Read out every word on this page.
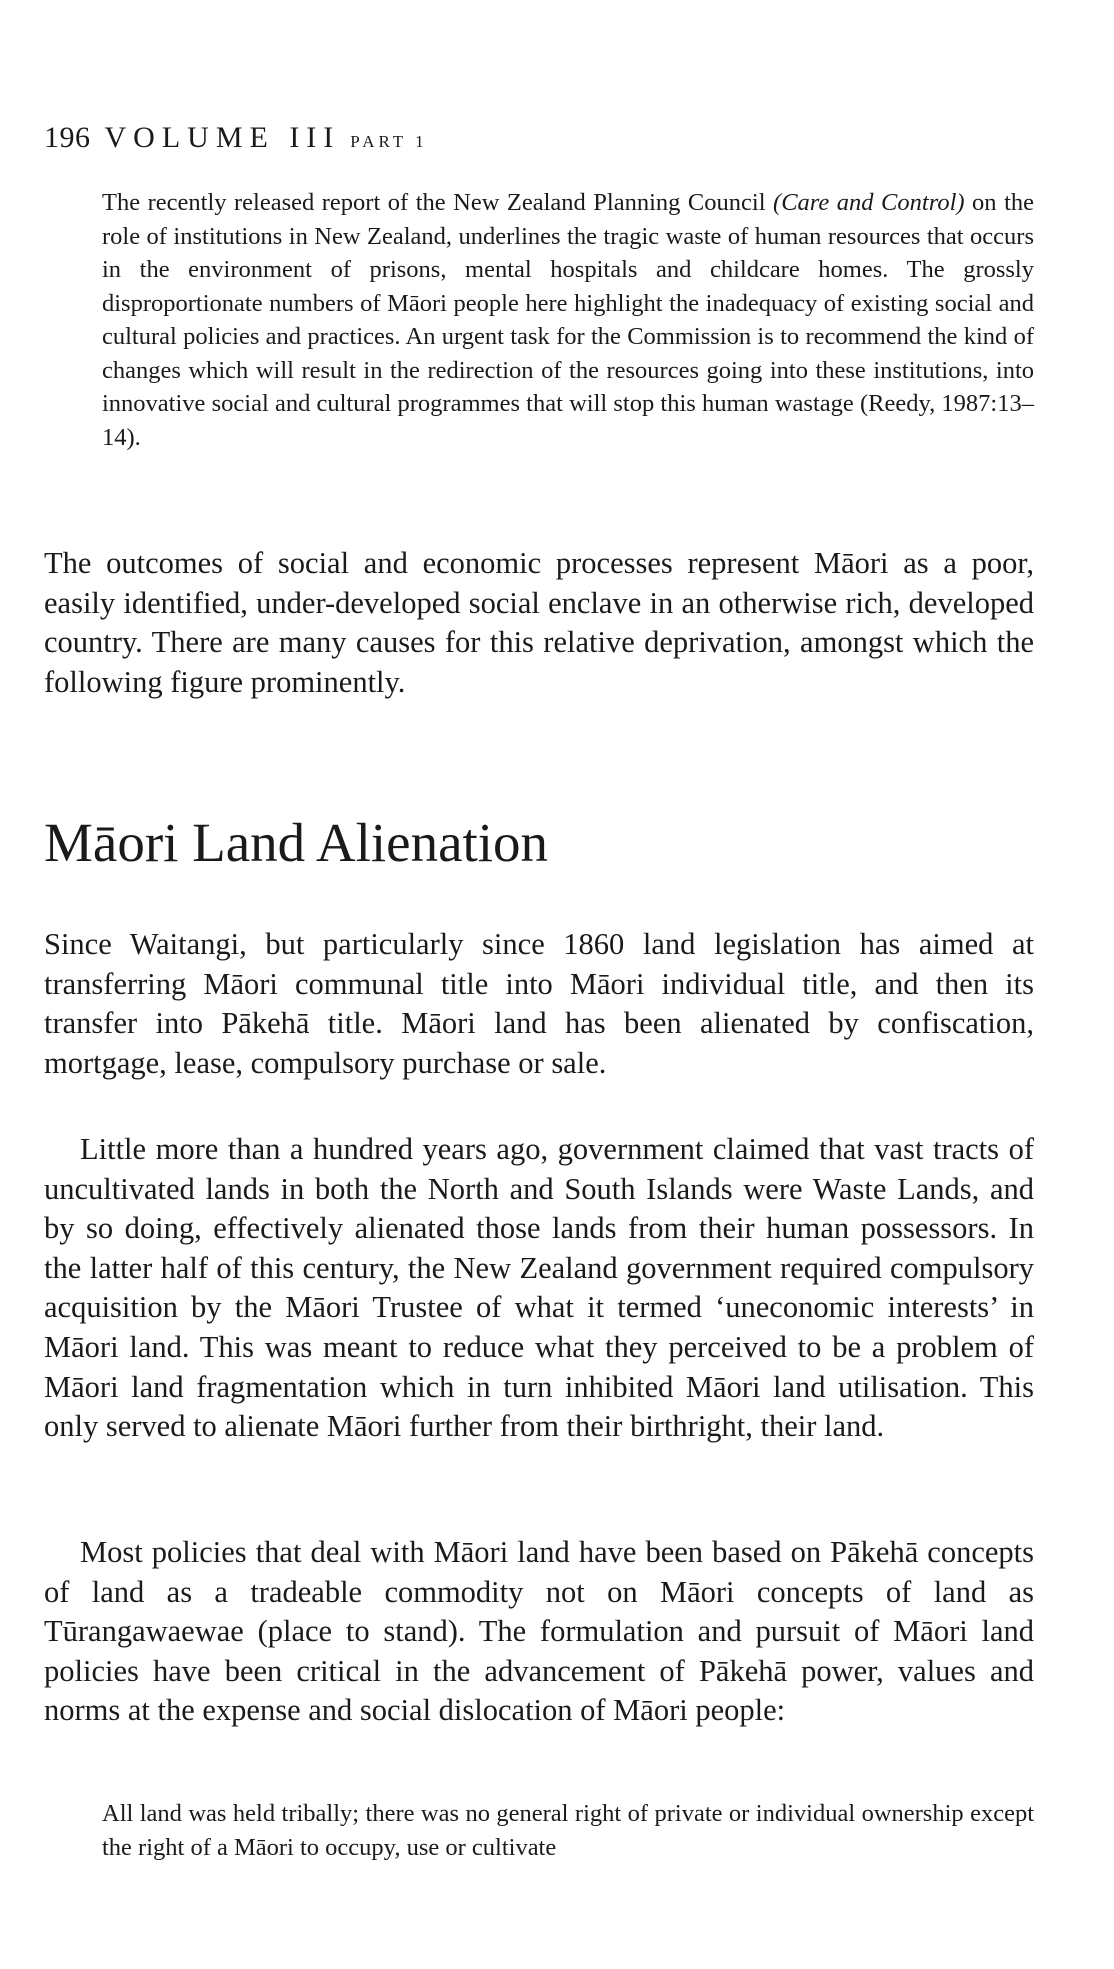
196 VOLUME III PART 1
The recently released report of the New Zealand Planning Council (Care and Control) on the role of institutions in New Zealand, underlines the tragic waste of human resources that occurs in the environment of prisons, mental hospitals and childcare homes. The grossly disproportionate numbers of Māori people here highlight the inadequacy of existing social and cultural policies and practices. An urgent task for the Commission is to recommend the kind of changes which will result in the redirection of the resources going into these institutions, into innovative social and cultural programmes that will stop this human wastage (Reedy, 1987:13–14).

The outcomes of social and economic processes represent Māori as a poor, easily identified, under-developed social enclave in an otherwise rich, developed country. There are many causes for this relative deprivation, amongst which the following figure prominently.

Māori Land Alienation

Since Waitangi, but particularly since 1860 land legislation has aimed at transferring Māori communal title into Māori individual title, and then its transfer into Pākehā title. Māori land has been alienated by confiscation, mortgage, lease, compulsory purchase or sale.

Little more than a hundred years ago, government claimed that vast tracts of uncultivated lands in both the North and South Islands were Waste Lands, and by so doing, effectively alienated those lands from their human possessors. In the latter half of this century, the New Zealand government required compulsory acquisition by the Māori Trustee of what it termed ‘uneconomic interests’ in Māori land. This was meant to reduce what they perceived to be a problem of Māori land fragmentation which in turn inhibited Māori land utilisation. This only served to alienate Māori further from their birthright, their land.

Most policies that deal with Māori land have been based on Pākehā concepts of land as a tradeable commodity not on Māori concepts of land as Tūrangawaewae (place to stand). The formulation and pursuit of Māori land policies have been critical in the advancement of Pākehā power, values and norms at the expense and social dislocation of Māori people:

All land was held tribally; there was no general right of private or individual ownership except the right of a Māori to occupy, use or cultivate
